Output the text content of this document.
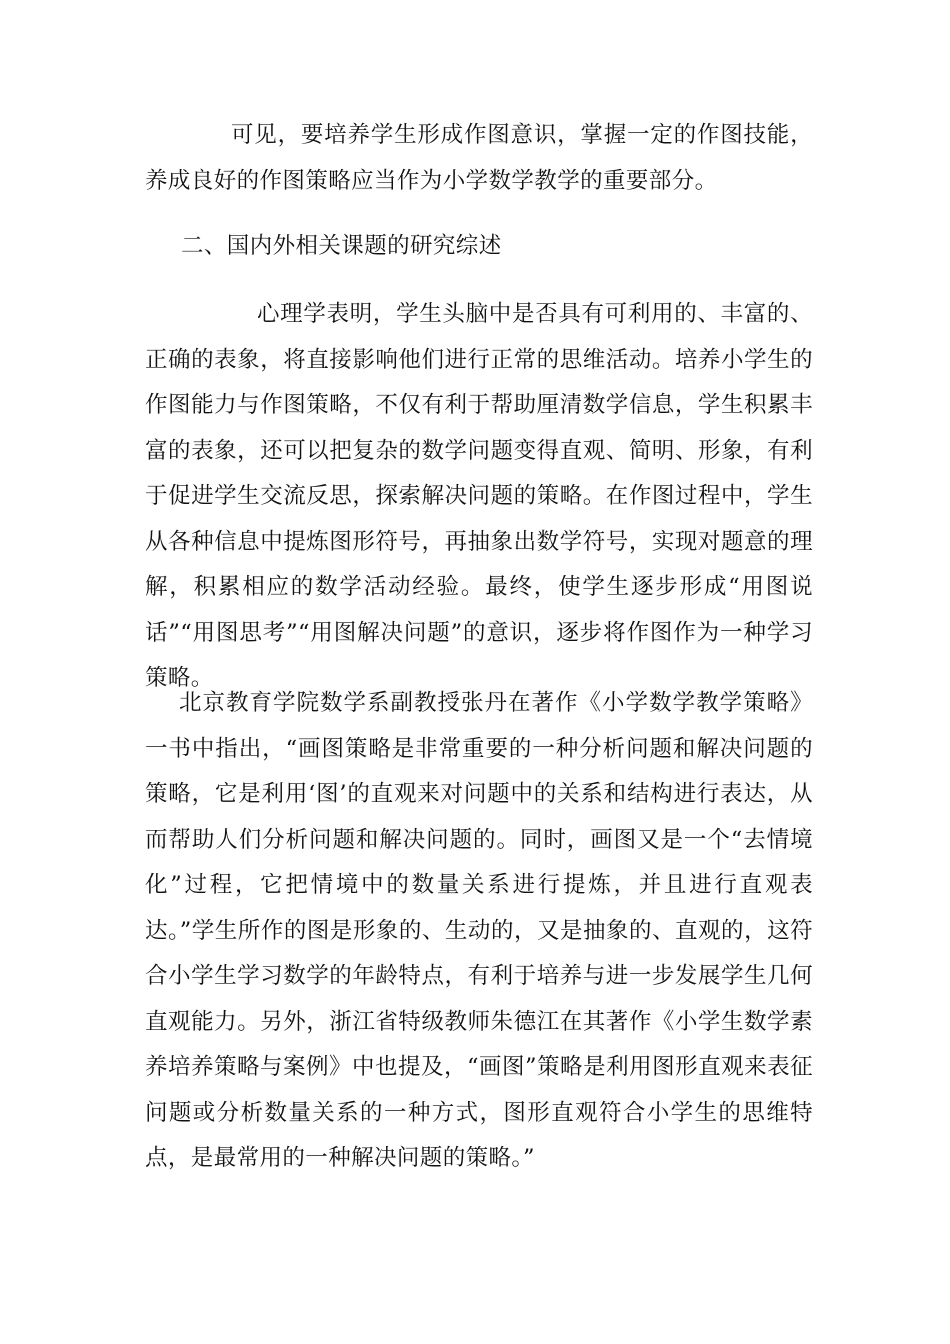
可见，要培养学生形成作图意识，掌握一定的作图技能，养成良好的作图策略应当作为小学数学教学的重要部分。

二、国内外相关课题的研究综述

心理学表明，学生头脑中是否具有可利用的、丰富的、正确的表象，将直接影响他们进行正常的思维活动。培养小学生的作图能力与作图策略，不仅有利于帮助厘清数学信息，学生积累丰富的表象，还可以把复杂的数学问题变得直观、简明、形象，有利于促进学生交流反思，探索解决问题的策略。在作图过程中，学生从各种信息中提炼图形符号，再抽象出数学符号，实现对题意的理解，积累相应的数学活动经验。最终，使学生逐步形成“用图说话”“用图思考”“用图解决问题”的意识，逐步将作图作为一种学习策略。

北京教育学院数学系副教授张丹在著作《小学数学教学策略》一书中指出，“画图策略是非常重要的一种分析问题和解决问题的策略，它是利用‘图’的直观来对问题中的关系和结构进行表达，从而帮助人们分析问题和解决问题的。同时，画图又是一个“去情境化”过程，它把情境中的数量关系进行提炼，并且进行直观表达。”学生所作的图是形象的、生动的，又是抽象的、直观的，这符合小学生学习数学的年龄特点，有利于培养与进一步发展学生几何直观能力。另外，浙江省特级教师朱德江在其著作《小学生数学素养培养策略与案例》中也提及，“画图”策略是利用图形直观来表征问题或分析数量关系的一种方式，图形直观符合小学生的思维特点，是最常用的一种解决问题的策略。”
